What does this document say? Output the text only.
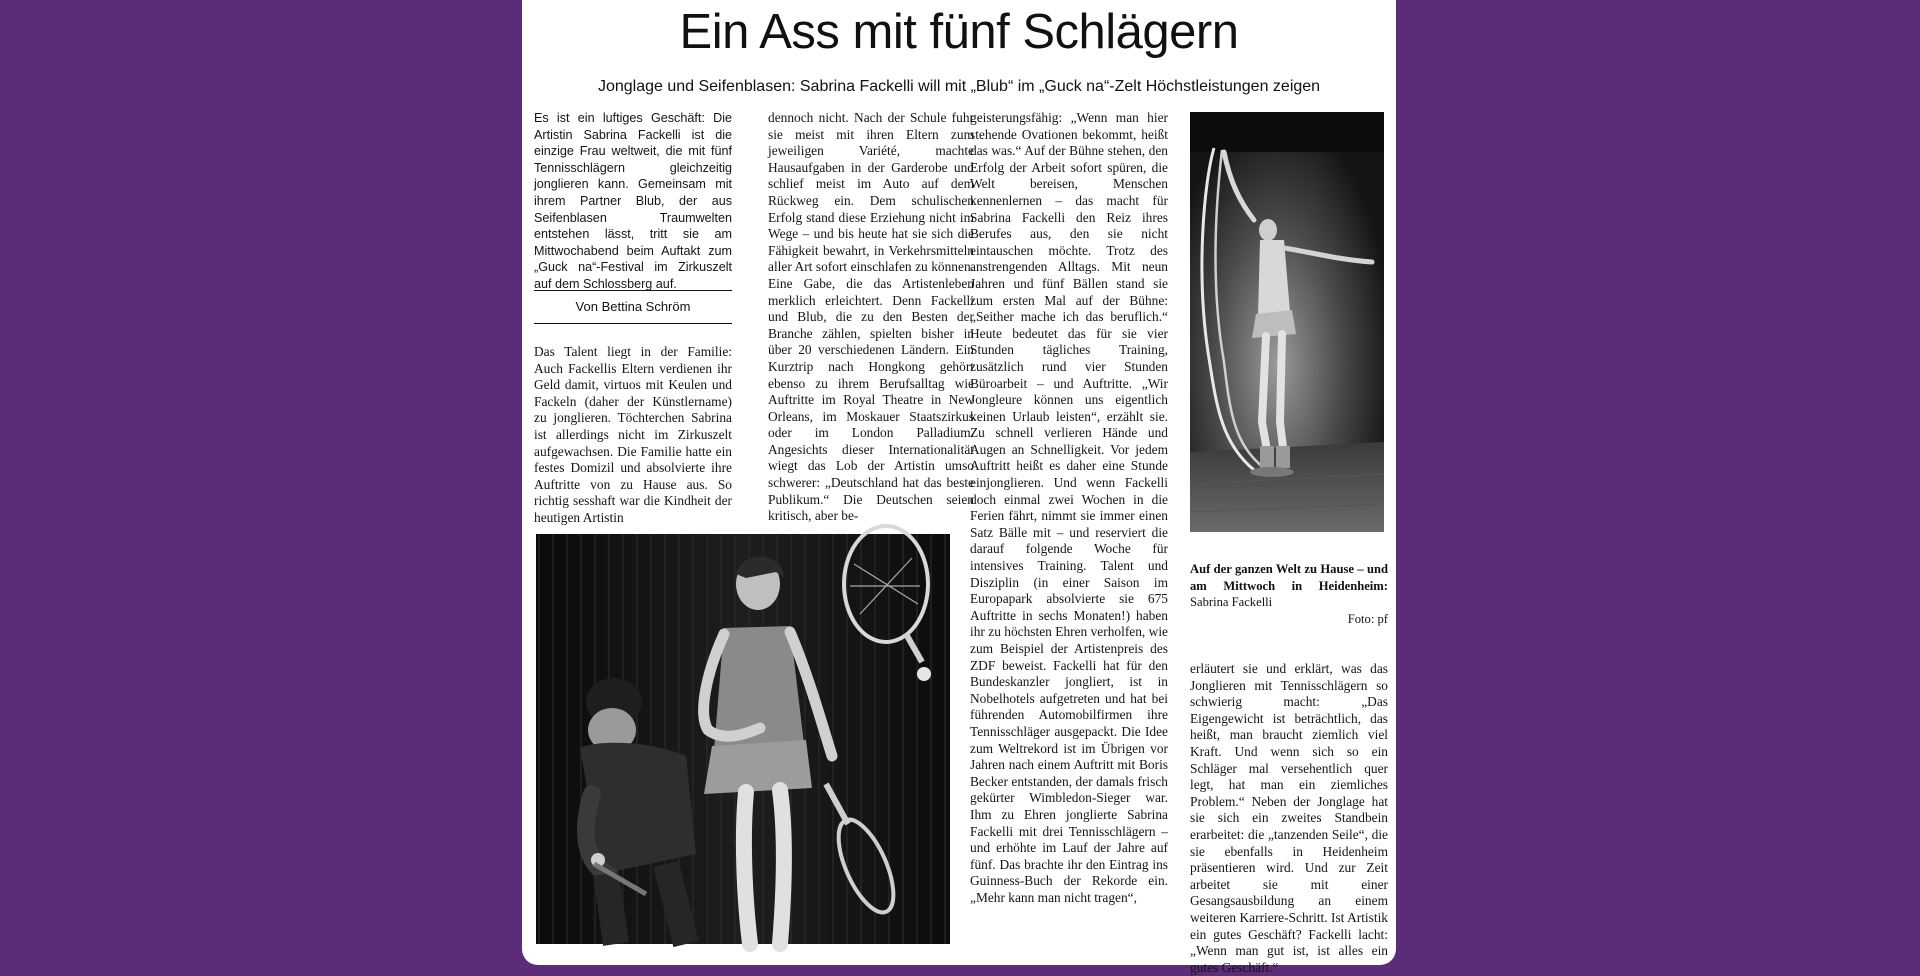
Ein Ass mit fünf Schlägern
Jonglage und Seifenblasen: Sabrina Fackelli will mit „Blub“ im „Guck na“-Zelt Höchstleistungen zeigen
Es ist ein luftiges Geschäft: Die Artistin Sabrina Fackelli ist die einzige Frau weltweit, die mit fünf Tennisschlägern gleichzeitig jonglieren kann. Gemeinsam mit ihrem Partner Blub, der aus Seifenblasen Traumwelten entstehen lässt, tritt sie am Mittwochabend beim Auftakt zum „Guck na“-Festival im Zirkuszelt auf dem Schlossberg auf.
Von Bettina Schröm
Das Talent liegt in der Familie: Auch Fackellis Eltern verdienen ihr Geld damit, virtuos mit Keulen und Fackeln (daher der Künstlername) zu jonglieren. Töchterchen Sabrina ist allerdings nicht im Zirkuszelt aufgewachsen. Die Familie hatte ein festes Domizil und absolvierte ihre Auftritte von zu Hause aus. So richtig sesshaft war die Kindheit der heutigen Artistin
dennoch nicht. Nach der Schule fuhr sie meist mit ihren Eltern zum jeweiligen Variété, machte Hausaufgaben in der Garderobe und schlief meist im Auto auf dem Rückweg ein. Dem schulischen Erfolg stand diese Erziehung nicht im Wege – und bis heute hat sie sich die Fähigkeit bewahrt, in Verkehrsmitteln aller Art sofort einschlafen zu können. Eine Gabe, die das Artistenleben merklich erleichtert. Denn Fackelli und Blub, die zu den Besten der Branche zählen, spielten bisher in über 20 verschiedenen Ländern. Ein Kurztrip nach Hongkong gehört ebenso zu ihrem Berufsalltag wie Auftritte im Royal Theatre in New Orleans, im Moskauer Staatszirkus oder im London Palladium. Angesichts dieser Internationalität wiegt das Lob der Artistin umso schwerer: „Deutschland hat das beste Publikum.“ Die Deutschen seien kritisch, aber be-
geisterungsfähig: „Wenn man hier stehende Ovationen bekommt, heißt das was.“ Auf der Bühne stehen, den Erfolg der Arbeit sofort spüren, die Welt bereisen, Menschen kennenlernen – das macht für Sabrina Fackelli den Reiz ihres Berufes aus, den sie nicht eintauschen möchte. Trotz des anstrengenden Alltags. Mit neun Jahren und fünf Bällen stand sie zum ersten Mal auf der Bühne: „Seither mache ich das beruflich.“ Heute bedeutet das für sie vier Stunden tägliches Training, zusätzlich rund vier Stunden Büroarbeit – und Auftritte. „Wir Jongleure können uns eigentlich keinen Urlaub leisten“, erzählt sie. Zu schnell verlieren Hände und Augen an Schnelligkeit. Vor jedem Auftritt heißt es daher eine Stunde einjonglieren. Und wenn Fackelli doch einmal zwei Wochen in die Ferien fährt, nimmt sie immer einen Satz Bälle mit – und reserviert die darauf folgende Woche für intensives Training. Talent und Disziplin (in einer Saison im Europapark absolvierte sie 675 Auftritte in sechs Monaten!) haben ihr zu höchsten Ehren verholfen, wie zum Beispiel der Artistenpreis des ZDF beweist. Fackelli hat für den Bundeskanzler jongliert, ist in Nobelhotels aufgetreten und hat bei führenden Automobilfirmen ihre Tennisschläger ausgepackt. Die Idee zum Weltrekord ist im Übrigen vor Jahren nach einem Auftritt mit Boris Becker entstanden, der damals frisch gekürter Wimbledon-Sieger war. Ihm zu Ehren jonglierte Sabrina Fackelli mit drei Tennisschlägern – und erhöhte im Lauf der Jahre auf fünf. Das brachte ihr den Eintrag ins Guinness-Buch der Rekorde ein. „Mehr kann man nicht tragen“,
erläutert sie und erklärt, was das Jonglieren mit Tennisschlägern so schwierig macht: „Das Eigengewicht ist beträchtlich, das heißt, man braucht ziemlich viel Kraft. Und wenn sich so ein Schläger mal versehentlich quer legt, hat man ein ziemliches Problem.“ Neben der Jonglage hat sie sich ein zweites Standbein erarbeitet: die „tanzenden Seile“, die sie ebenfalls in Heidenheim präsentieren wird. Und zur Zeit arbeitet sie mit einer Gesangsausbildung an einem weiteren Karriere-Schritt. Ist Artistik ein gutes Geschäft? Fackelli lacht: „Wenn man gut ist, ist alles ein gutes Geschäft.“
Auf der ganzen Welt zu Hause – und am Mittwoch in Heidenheim: Sabrina Fackelli
Foto: pf
